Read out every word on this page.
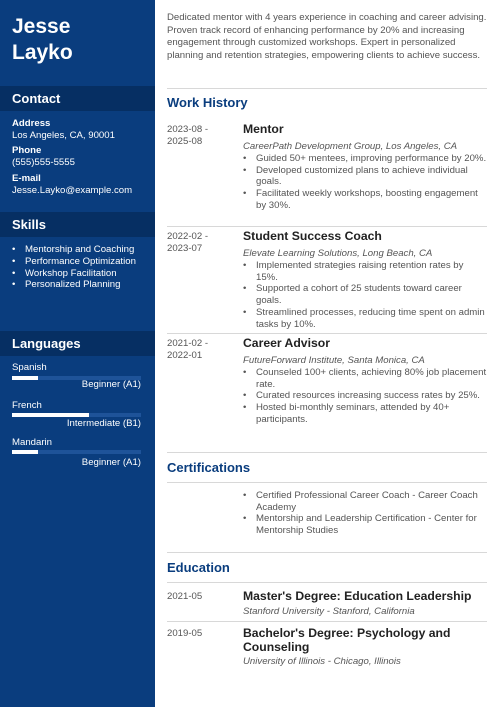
Jesse
Layko
Contact
Address
Los Angeles, CA, 90001
Phone
(555)555-5555
E-mail
Jesse.Layko@example.com
Skills
• Mentorship and Coaching
• Performance Optimization
• Workshop Facilitation
• Personalized Planning
Languages
Spanish
Beginner (A1)
French
Intermediate (B1)
Mandarin
Beginner (A1)
Dedicated mentor with 4 years experience in coaching and career advising. Proven track record of enhancing performance by 20% and increasing engagement through customized workshops. Expert in personalized planning and retention strategies, empowering clients to achieve success.
Work History
2023-08 -
2025-08
Mentor
CareerPath Development Group, Los Angeles, CA
• Guided 50+ mentees, improving performance by 20%.
• Developed customized plans to achieve individual goals.
• Facilitated weekly workshops, boosting engagement by 30%.
2022-02 -
2023-07
Student Success Coach
Elevate Learning Solutions, Long Beach, CA
• Implemented strategies raising retention rates by 15%.
• Supported a cohort of 25 students toward career goals.
• Streamlined processes, reducing time spent on admin tasks by 10%.
2021-02 -
2022-01
Career Advisor
FutureForward Institute, Santa Monica, CA
• Counseled 100+ clients, achieving 80% job placement rate.
• Curated resources increasing success rates by 25%.
• Hosted bi-monthly seminars, attended by 40+ participants.
Certifications
• Certified Professional Career Coach - Career Coach Academy
• Mentorship and Leadership Certification - Center for Mentorship Studies
Education
2021-05	Master's Degree: Education Leadership
Stanford University - Stanford, California
2019-05	Bachelor's Degree: Psychology and Counseling
University of Illinois - Chicago, Illinois
